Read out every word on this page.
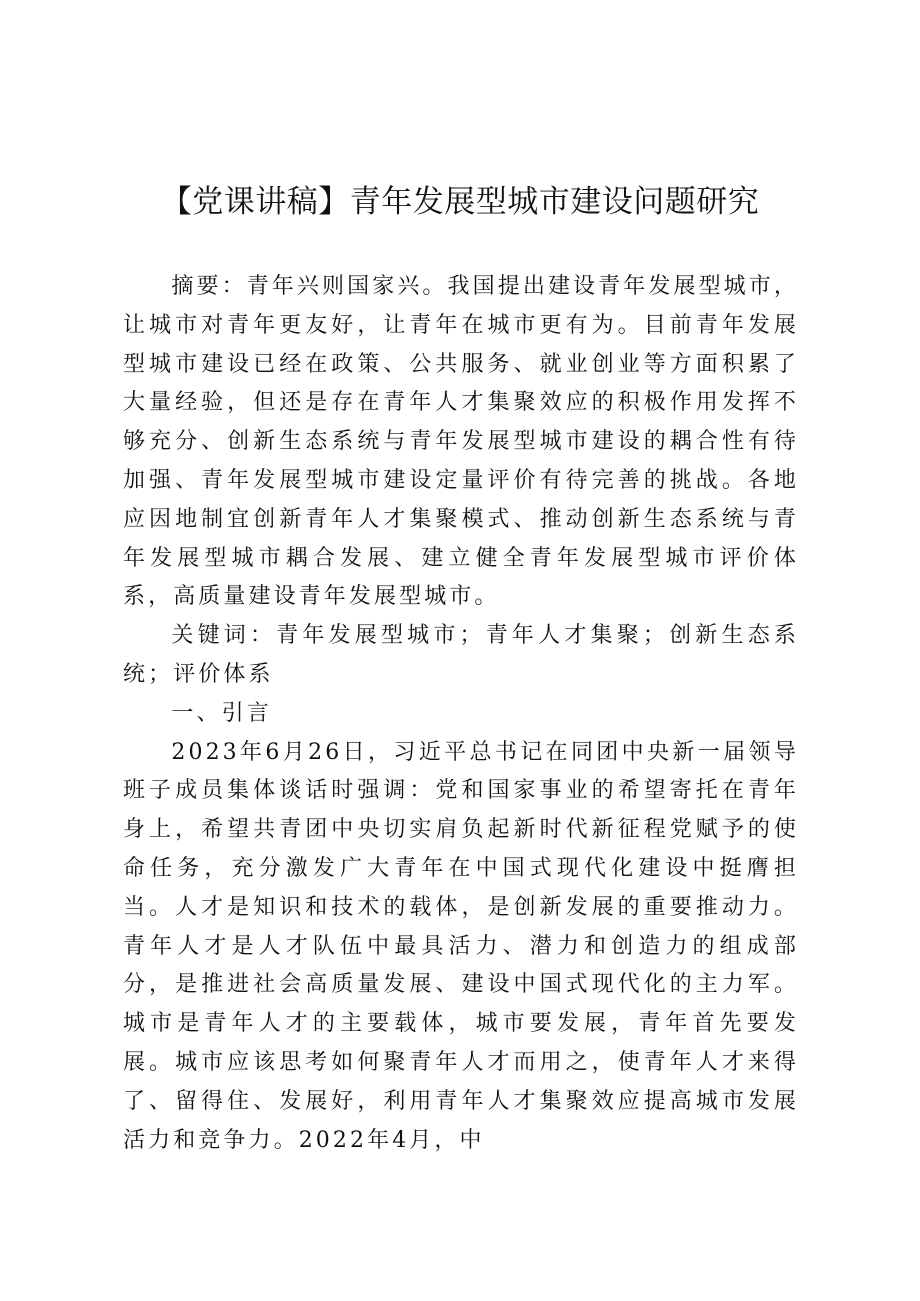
【党课讲稿】青年发展型城市建设问题研究

摘要：青年兴则国家兴。我国提出建设青年发展型城市，让城市对青年更友好，让青年在城市更有为。目前青年发展型城市建设已经在政策、公共服务、就业创业等方面积累了大量经验，但还是存在青年人才集聚效应的积极作用发挥不够充分、创新生态系统与青年发展型城市建设的耦合性有待加强、青年发展型城市建设定量评价有待完善的挑战。各地应因地制宜创新青年人才集聚模式、推动创新生态系统与青年发展型城市耦合发展、建立健全青年发展型城市评价体系，高质量建设青年发展型城市。

关键词：青年发展型城市；青年人才集聚；创新生态系统；评价体系

一、引言

2023年6月26日，习近平总书记在同团中央新一届领导班子成员集体谈话时强调：党和国家事业的希望寄托在青年身上，希望共青团中央切实肩负起新时代新征程党赋予的使命任务，充分激发广大青年在中国式现代化建设中挺膺担当。人才是知识和技术的载体，是创新发展的重要推动力。青年人才是人才队伍中最具活力、潜力和创造力的组成部分，是推进社会高质量发展、建设中国式现代化的主力军。城市是青年人才的主要载体，城市要发展，青年首先要发展。城市应该思考如何聚青年人才而用之，使青年人才来得了、留得住、发展好，利用青年人才集聚效应提高城市发展活力和竞争力。2022年4月，中
